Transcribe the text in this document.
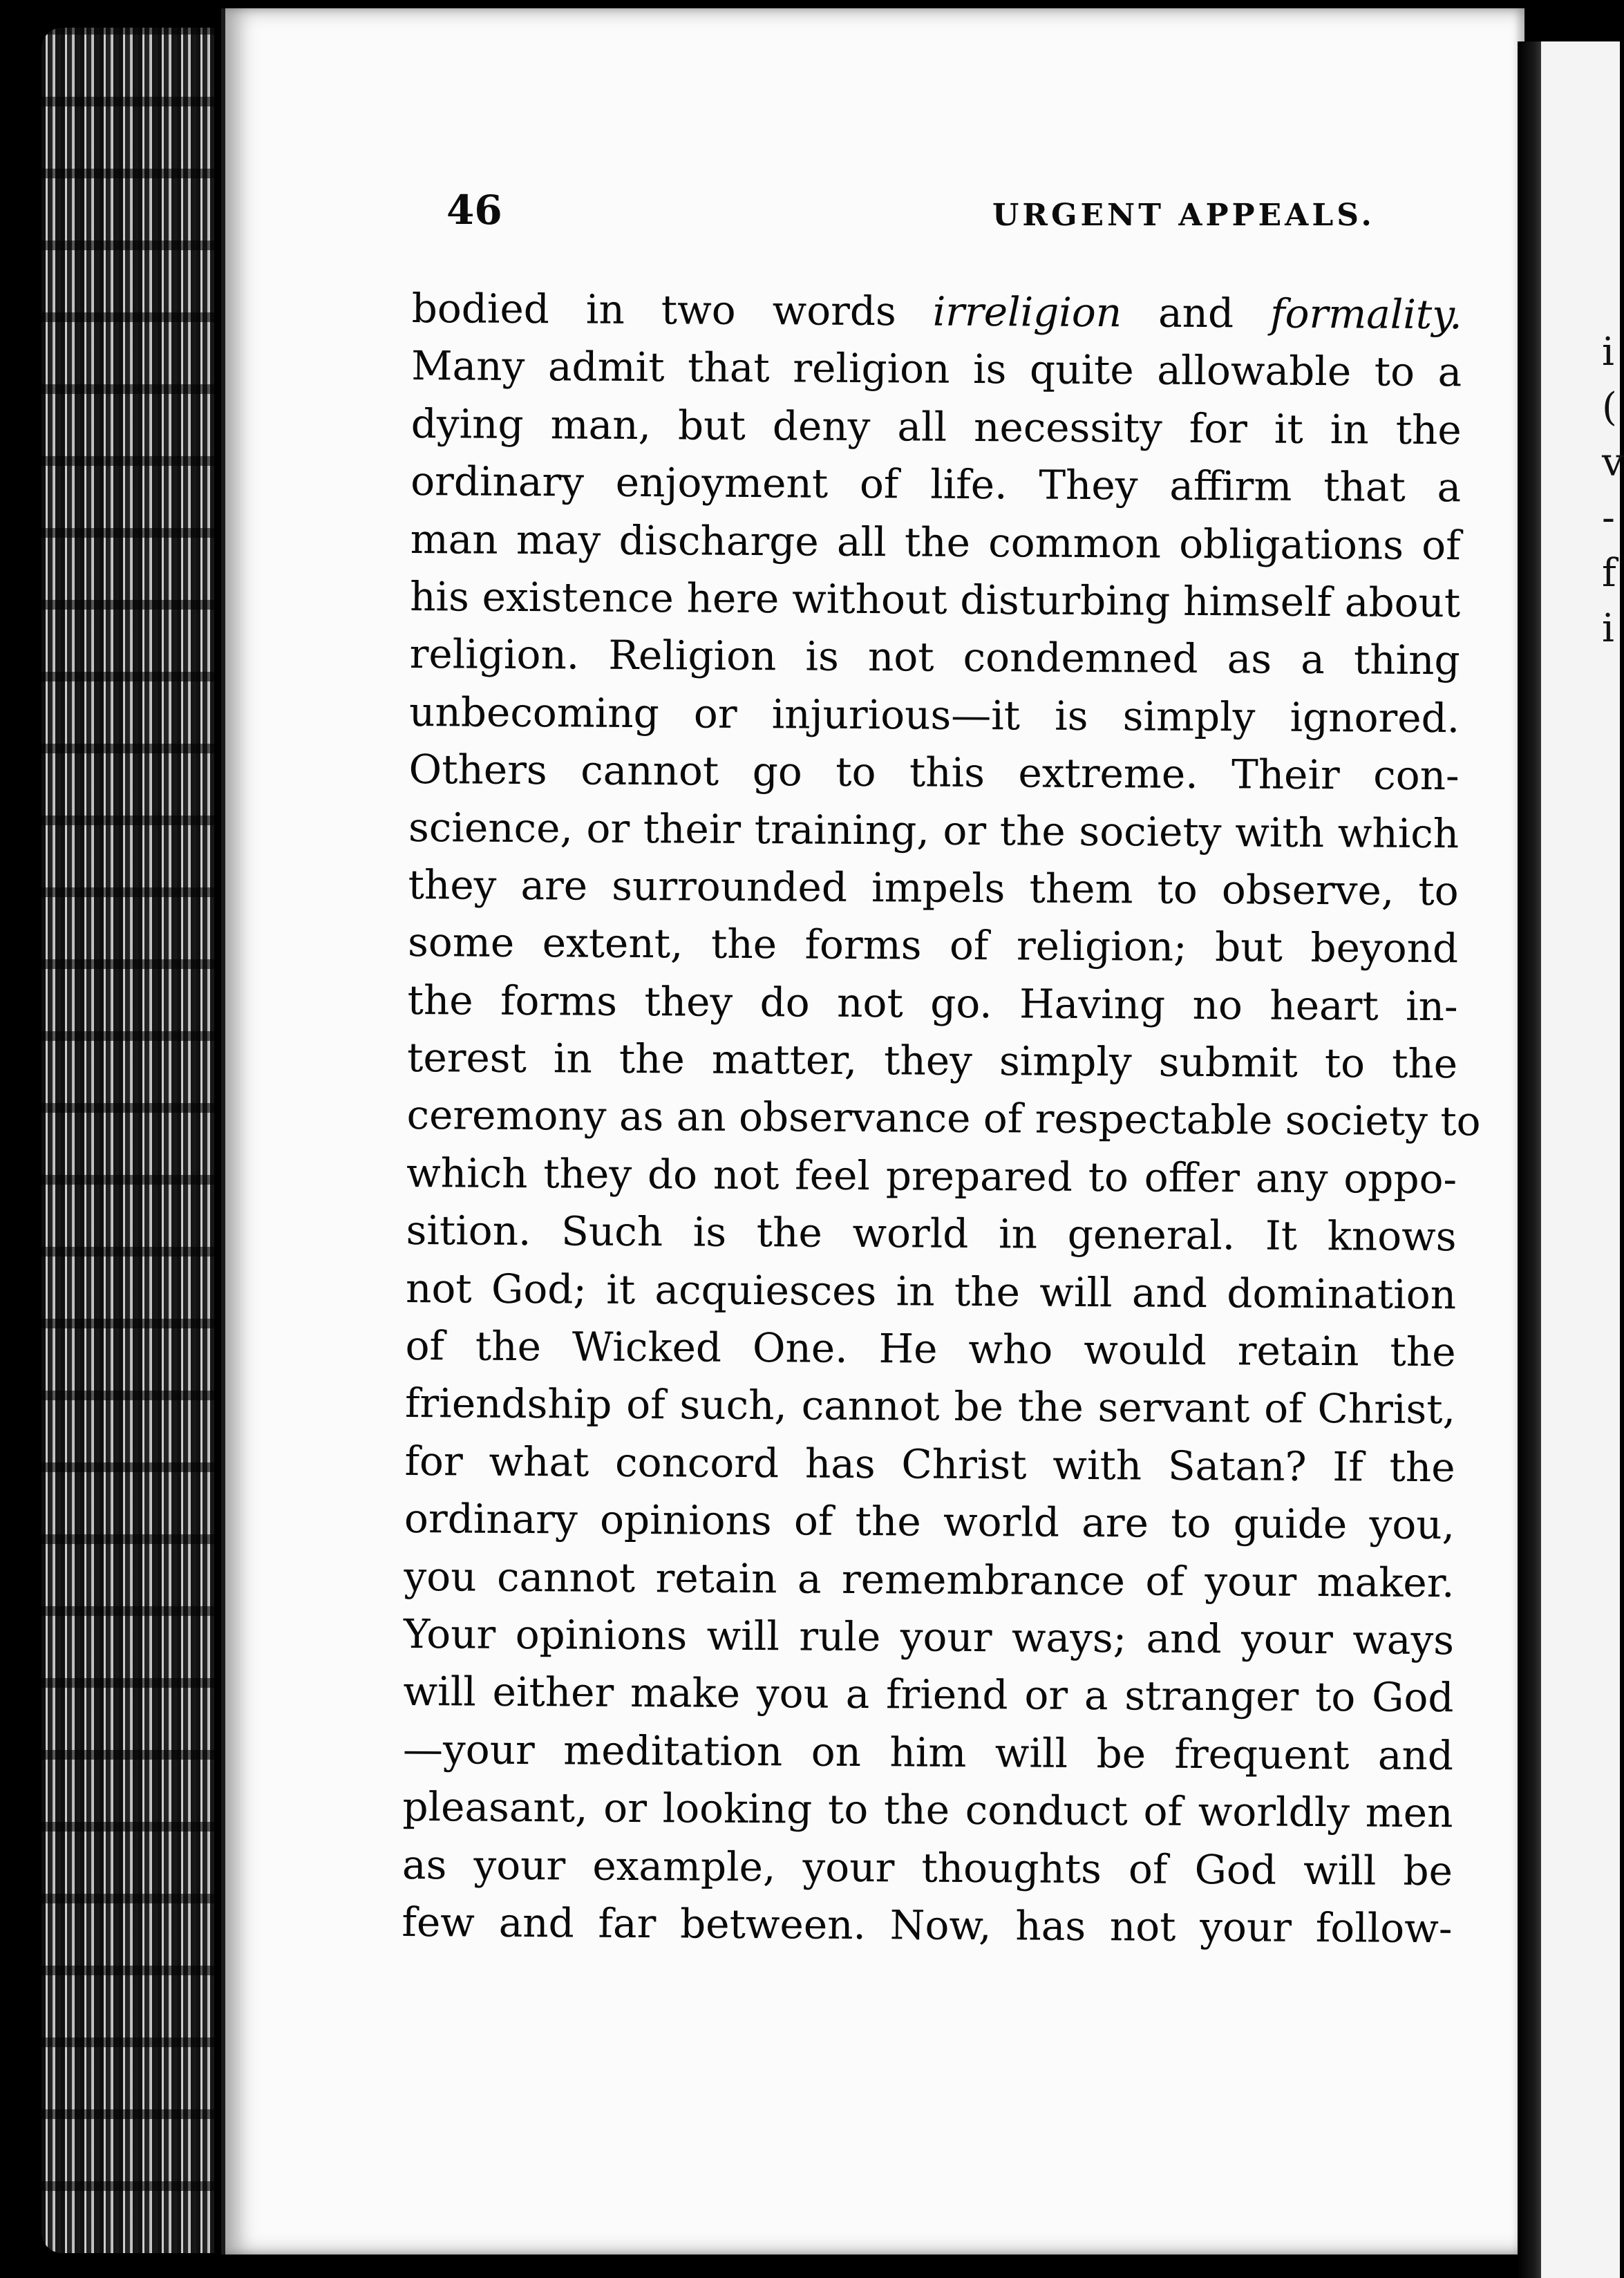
i
(
v
-
f
i
46	URGENT APPEALS.
bodied in two words irreligion and formality.
Many admit that religion is quite allowable to a
dying man, but deny all necessity for it in the
ordinary enjoyment of life. They affirm that a
man may discharge all the common obligations of
his existence here without disturbing himself about
religion. Religion is not condemned as a thing
unbecoming or injurious—it is simply ignored.
Others cannot go to this extreme. Their con-
science, or their training, or the society with which
they are surrounded impels them to observe, to
some extent, the forms of religion; but beyond
the forms they do not go. Having no heart in-
terest in the matter, they simply submit to the
ceremony as an observance of respectable society to
which they do not feel prepared to offer any oppo-
sition. Such is the world in general. It knows
not God; it acquiesces in the will and domination
of the Wicked One. He who would retain the
friendship of such, cannot be the servant of Christ,
for what concord has Christ with Satan? If the
ordinary opinions of the world are to guide you,
you cannot retain a remembrance of your maker.
Your opinions will rule your ways; and your ways
will either make you a friend or a stranger to God
—your meditation on him will be frequent and
pleasant, or looking to the conduct of worldly men
as your example, your thoughts of God will be
few and far between. Now, has not your follow-
